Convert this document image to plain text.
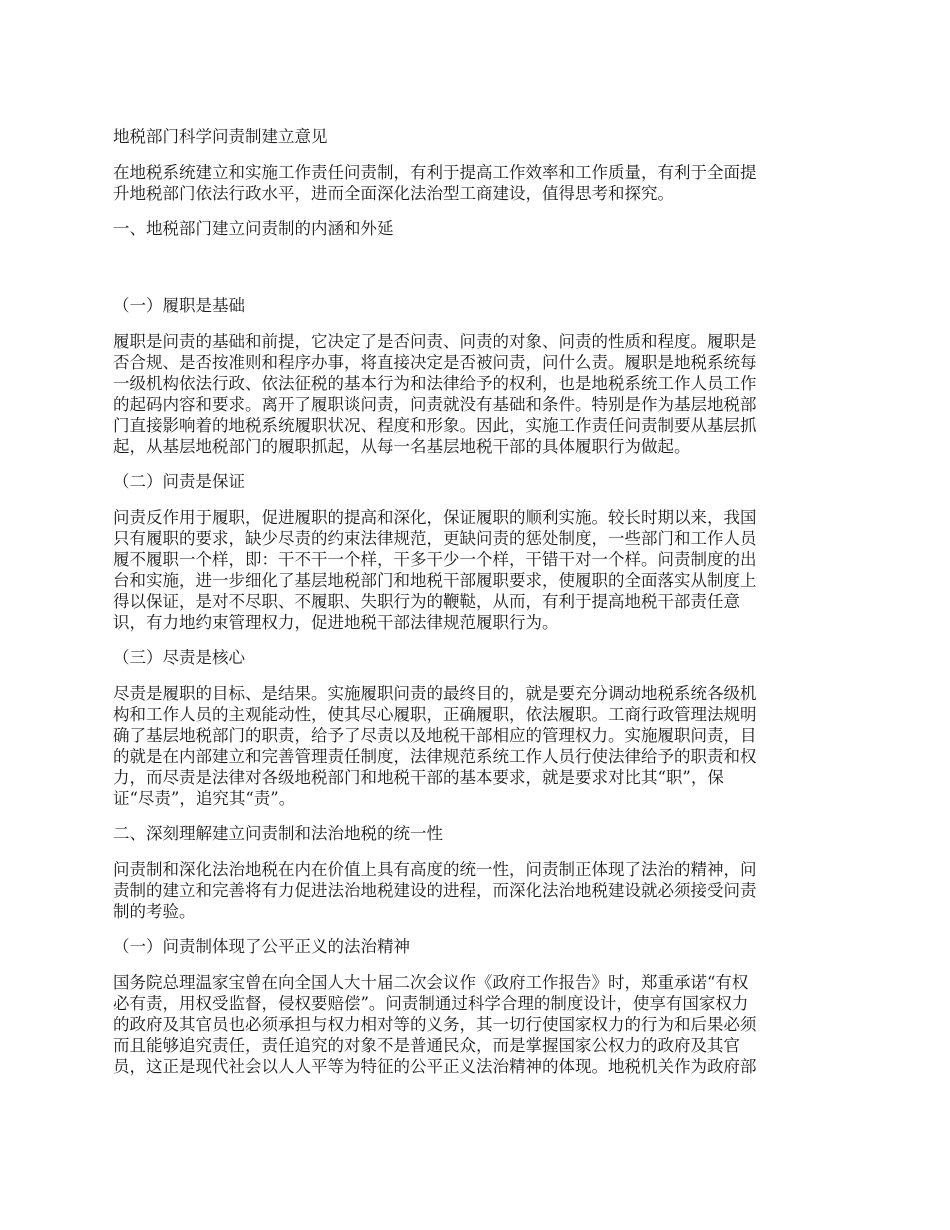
地税部门科学问责制建立意见

在地税系统建立和实施工作责任问责制，有利于提高工作效率和工作质量，有利于全面提

升地税部门依法行政水平，进而全面深化法治型工商建设，值得思考和探究。

一、地税部门建立问责制的内涵和外延

（一）履职是基础

履职是问责的基础和前提，它决定了是否问责、问责的对象、问责的性质和程度。履职是

否合规、是否按准则和程序办事，将直接决定是否被问责，问什么责。履职是地税系统每

一级机构依法行政、依法征税的基本行为和法律给予的权利，也是地税系统工作人员工作

的起码内容和要求。离开了履职谈问责，问责就没有基础和条件。特别是作为基层地税部

门直接影响着的地税系统履职状况、程度和形象。因此，实施工作责任问责制要从基层抓

起，从基层地税部门的履职抓起，从每一名基层地税干部的具体履职行为做起。

（二）问责是保证

问责反作用于履职，促进履职的提高和深化，保证履职的顺利实施。较长时期以来，我国

只有履职的要求，缺少尽责的约束法律规范，更缺问责的惩处制度，一些部门和工作人员

履不履职一个样，即：干不干一个样，干多干少一个样，干错干对一个样。问责制度的出

台和实施，进一步细化了基层地税部门和地税干部履职要求，使履职的全面落实从制度上

得以保证，是对不尽职、不履职、失职行为的鞭鞑，从而，有利于提高地税干部责任意

识，有力地约束管理权力，促进地税干部法律规范履职行为。

（三）尽责是核心

尽责是履职的目标、是结果。实施履职问责的最终目的，就是要充分调动地税系统各级机

构和工作人员的主观能动性，使其尽心履职，正确履职，依法履职。工商行政管理法规明

确了基层地税部门的职责，给予了尽责以及地税干部相应的管理权力。实施履职问责，目

的就是在内部建立和完善管理责任制度，法律规范系统工作人员行使法律给予的职责和权

力，而尽责是法律对各级地税部门和地税干部的基本要求，就是要求对比其“职”，保

证“尽责”，追究其“责”。

二、深刻理解建立问责制和法治地税的统一性

问责制和深化法治地税在内在价值上具有高度的统一性，问责制正体现了法治的精神，问

责制的建立和完善将有力促进法治地税建设的进程，而深化法治地税建设就必须接受问责

制的考验。

（一）问责制体现了公平正义的法治精神

国务院总理温家宝曾在向全国人大十届二次会议作《政府工作报告》时，郑重承诺“有权

必有责，用权受监督，侵权要赔偿”。问责制通过科学合理的制度设计，使享有国家权力

的政府及其官员也必须承担与权力相对等的义务，其一切行使国家权力的行为和后果必须

而且能够追究责任，责任追究的对象不是普通民众，而是掌握国家公权力的政府及其官

员，这正是现代社会以人人平等为特征的公平正义法治精神的体现。地税机关作为政府部
